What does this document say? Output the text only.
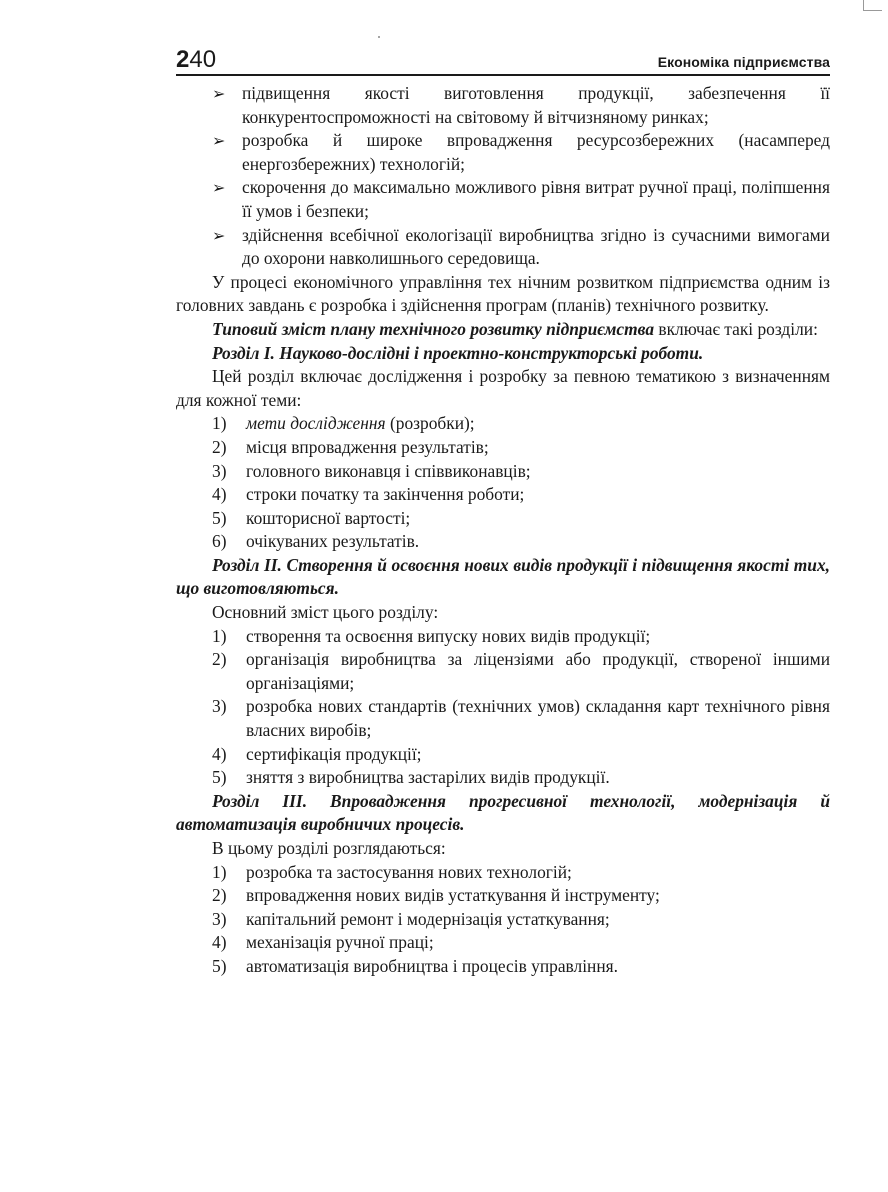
240	Економіка підприємства

➢ підвищення якості виготовлення продукції, забезпечення її конкурентоспроможності на світовому й вітчизняному ринках;

➢ розробка й широке впровадження ресурсозбережних (насамперед енергозбережних) технологій;

➢ скорочення до максимально можливого рівня витрат ручної праці, поліпшення її умов і безпеки;

➢ здійснення всебічної екологізації виробництва згідно із сучасними вимогами до охорони навколишнього середовища.

У процесі економічного управління тех нічним розвитком підприємства одним із головних завдань є розробка і здійснення програм (планів) технічного розвитку.

Типовий зміст плану технічного розвитку підприємства включає такі розділи:

Розділ I. Науково-дослідні і проектно-конструкторські роботи.

Цей розділ включає дослідження і розробку за певною тематикою з визначенням для кожної теми:

1) мети дослідження (розробки);

2) місця впровадження результатів;

3) головного виконавця і співвиконавців;

4) строки початку та закінчення роботи;

5) кошторисної вартості;

6) очікуваних результатів.

Розділ II. Створення й освоєння нових видів продукції і підвищення якості тих, що виготовляються.

Основний зміст цього розділу:

1) створення та освоєння випуску нових видів продукції;

2) організація виробництва за ліцензіями або продукції, створеної іншими організаціями;

3) розробка нових стандартів (технічних умов) складання карт технічного рівня власних виробів;

4) сертифікація продукції;

5) зняття з виробництва застарілих видів продукції.

Розділ III. Впровадження прогресивної технології, модернізація й автоматизація виробничих процесів.

В цьому розділі розглядаються:

1) розробка та застосування нових технологій;

2) впровадження нових видів устаткування й інструменту;

3) капітальний ремонт і модернізація устаткування;

4) механізація ручної праці;

5) автоматизація виробництва і процесів управління.
